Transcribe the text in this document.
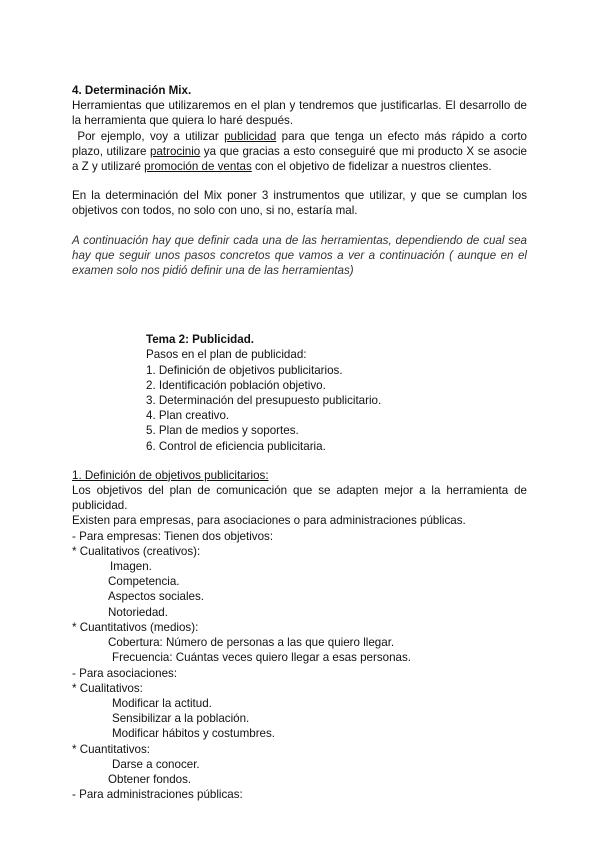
4. Determinación Mix.

Herramientas que utilizaremos en el plan y tendremos que justificarlas. El desarrollo de la herramienta que quiera lo haré después.

Por ejemplo, voy a utilizar publicidad para que tenga un efecto más rápido a corto plazo, utilizare patrocinio ya que gracias a esto conseguiré que mi producto X se asocie a Z y utilizaré promoción de ventas con el objetivo de fidelizar a nuestros clientes.

En la determinación del Mix poner 3 instrumentos que utilizar, y que se cumplan los objetivos con todos, no solo con uno, si no, estaría mal.

A continuación hay que definir cada una de las herramientas, dependiendo de cual sea hay que seguir unos pasos concretos que vamos a ver a continuación ( aunque en el examen solo nos pidió definir una de las herramientas)

Tema 2: Publicidad.

Pasos en el plan de publicidad:

1. Definición de objetivos publicitarios.

2. Identificación población objetivo.

3. Determinación del presupuesto publicitario.

4. Plan creativo.

5. Plan de medios y soportes.

6. Control de eficiencia publicitaria.

1. Definición de objetivos publicitarios:

Los objetivos del plan de comunicación que se adapten mejor a la herramienta de publicidad.

Existen para empresas, para asociaciones o para administraciones públicas.

- Para empresas: Tienen dos objetivos:

* Cualitativos (creativos):

Imagen.

Competencia.

Aspectos sociales.

Notoriedad.

* Cuantitativos (medios):

Cobertura: Número de personas a las que quiero llegar.

Frecuencia: Cuántas veces quiero llegar a esas personas.

- Para asociaciones:

* Cualitativos:

Modificar la actitud.

Sensibilizar a la población.

Modificar hábitos y costumbres.

* Cuantitativos:

Darse a conocer.

Obtener fondos.

- Para administraciones públicas:
